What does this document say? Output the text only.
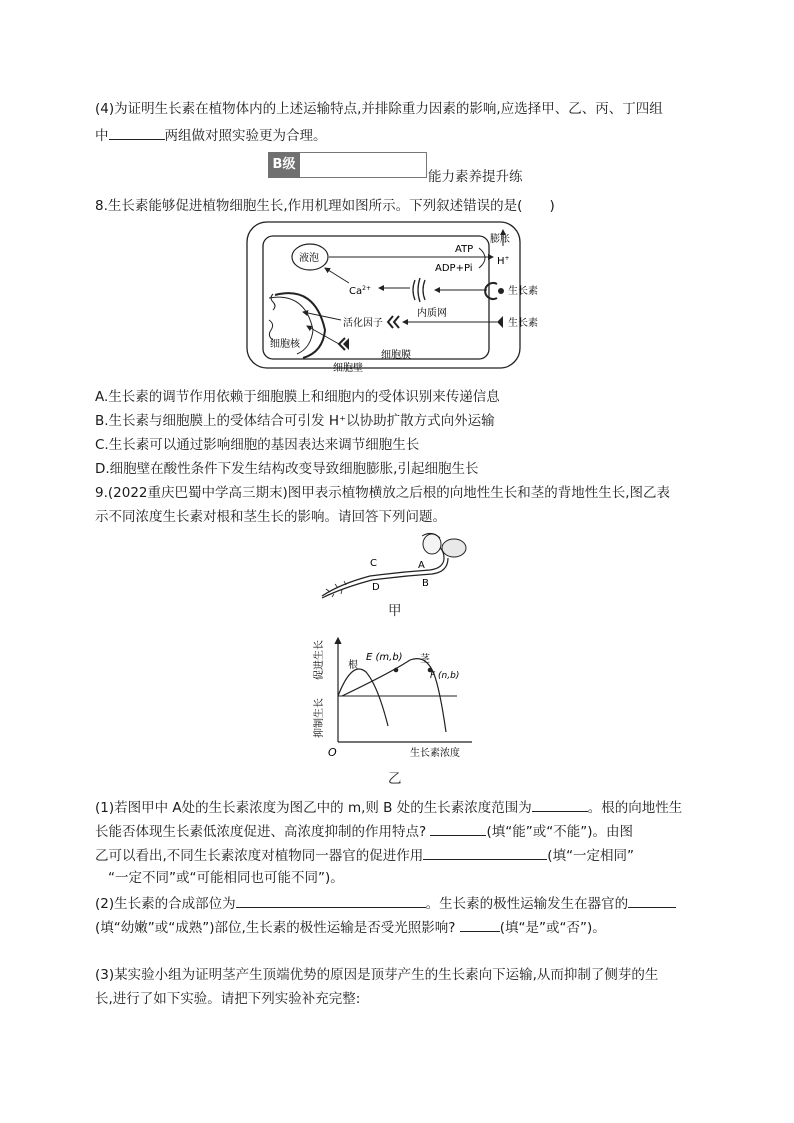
(4)为证明生长素在植物体内的上述运输特点,并排除重力因素的影响,应选择甲、乙、丙、丁四组
中	两组做对照实验更为合理。
B级
能力素养提升练
8.生长素能够促进植物细胞生长,作用机理如图所示。下列叙述错误的是(　　)
液泡
细胞核
ATP
ADP+Pi
膨胀
H+
$Ca^{2+}$
内质网
生长素
活化因子	生长素
细胞膜
细胞壁
A.生长素的调节作用依赖于细胞膜上和细胞内的受体识别来传递信息
B.生长素与细胞膜上的受体结合可引发 H⁺以协助扩散方式向外运输
C.生长素可以通过影响细胞的基因表达来调节细胞生长
D.细胞壁在酸性条件下发生结构改变导致细胞膨胀,引起细胞生长
9.(2022重庆巴蜀中学高三期末)图甲表示植物横放之后根的向地性生长和茎的背地性生长,图乙表
示不同浓度生长素对根和茎生长的影响。请回答下列问题。
C	A
D	B
甲
根
茎
E (m,b)
F (n,b)
促进生长
抑制生长
O	生长素浓度
乙
(1)若图甲中 A处的生长素浓度为图乙中的 m,则 B 处的生长素浓度范围为	。根的向地性生
长能否体现生长素低浓度促进、高浓度抑制的作用特点?	(填“能”或“不能”)。由图
乙可以看出,不同生长素浓度对植物同一器官的促进作用	(填“一定相同”
“一定不同”或“可能相同也可能不同”)。
(2)生长素的合成部位为	。生长素的极性运输发生在器官的
(填“幼嫩”或“成熟”)部位,生长素的极性运输是否受光照影响?	(填“是”或“否”)。
(3)某实验小组为证明茎产生顶端优势的原因是顶芽产生的生长素向下运输,从而抑制了侧芽的生
长,进行了如下实验。请把下列实验补充完整:
